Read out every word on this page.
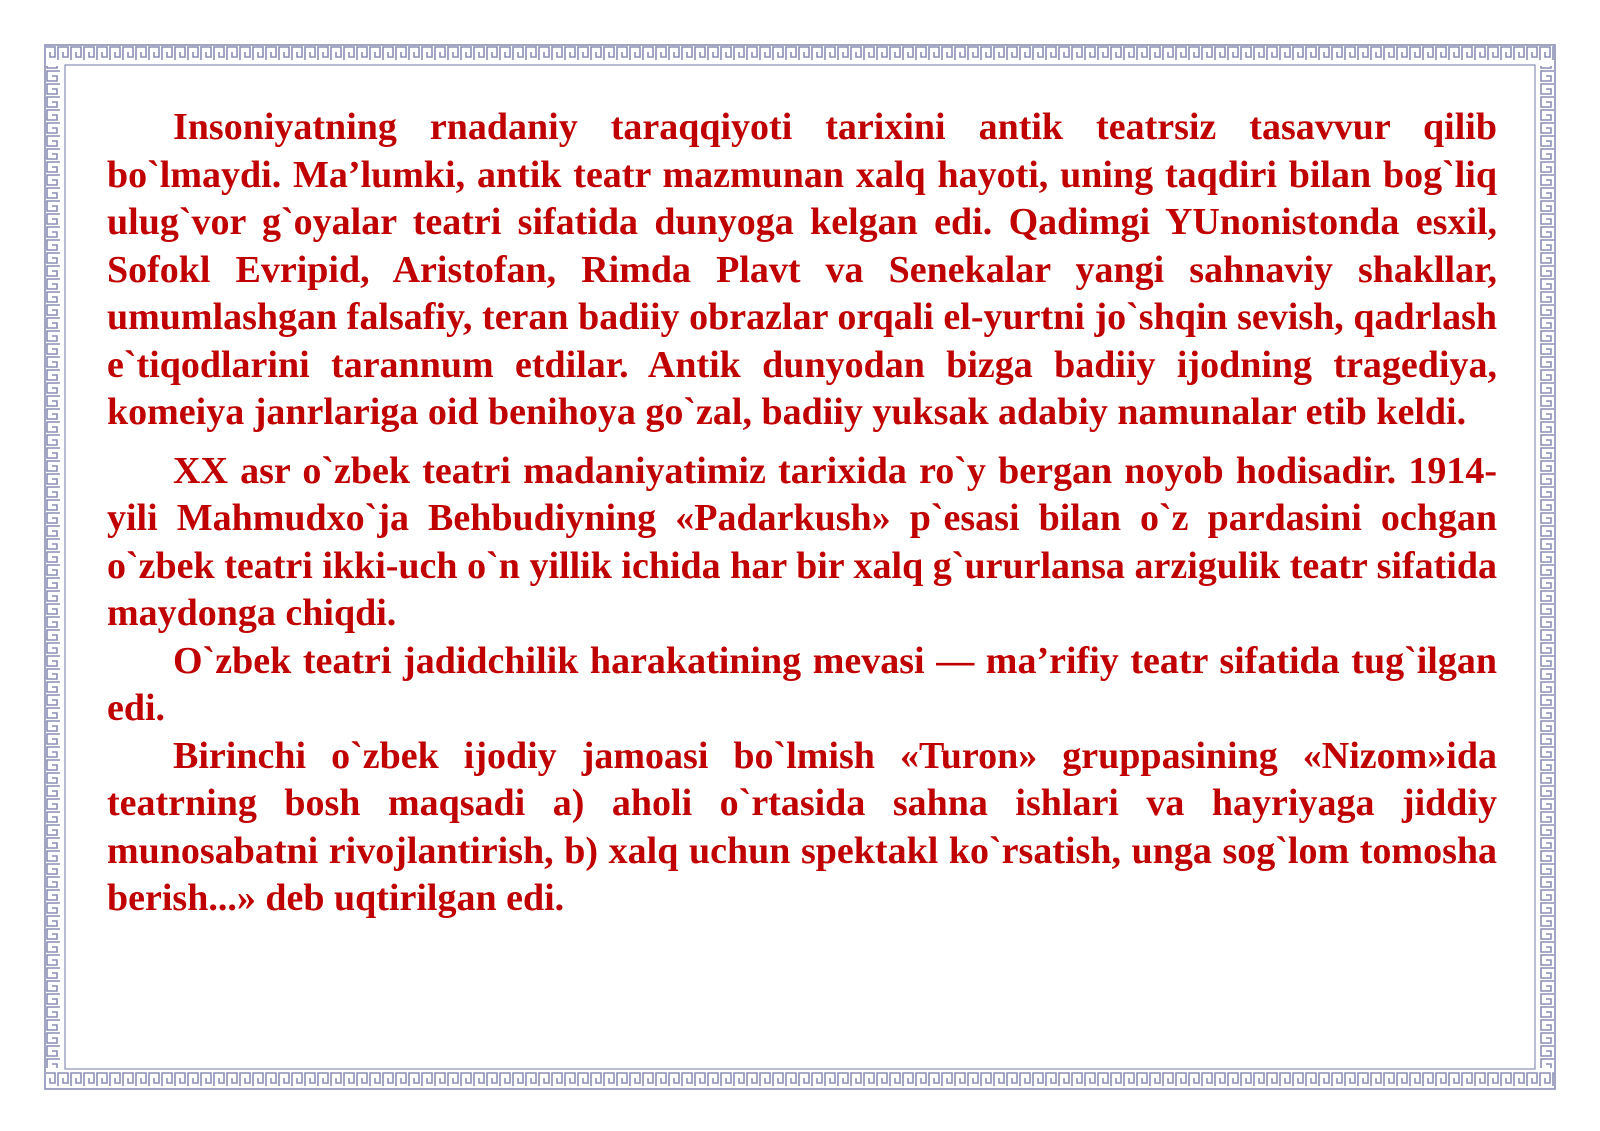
Insoniyatning rnadaniy taraqqiyoti tarixini antik teatrsiz tasavvur qilib bo`lmaydi. Ma’lumki, antik teatr mazmunan xalq hayoti, uning taqdiri bilan bog`liq ulug`vor g`oyalar teatri sifatida dunyoga kelgan edi. Qadimgi YUnonistonda esxil, Sofokl Evripid, Aristofan, Rimda Plavt va Senekalar yangi sahnaviy shakllar, umumlashgan falsafiy, teran badiiy obrazlar orqali el-yurtni jo`shqin sevish, qadrlash e`tiqodlarini tarannum etdilar. Antik dunyodan bizga badiiy ijodning tragediya, komeiya janrlariga oid benihoya go`zal, badiiy yuksak adabiy namunalar etib keldi.

XX asr o`zbek teatri madaniyatimiz tarixida ro`y bergan noyob hodisadir. 1914-yili Mahmudxo`ja Behbudiyning «Padarkush» p`esasi bilan o`z pardasini ochgan o`zbek teatri ikki-uch o`n yillik ichida har bir xalq g`ururlansa arzigulik teatr sifatida maydonga chiqdi.

O`zbek teatri jadidchilik harakatining mevasi — ma’rifiy teatr sifatida tug`ilgan edi.

Birinchi o`zbek ijodiy jamoasi bo`lmish «Turon» gruppasining «Nizom»ida teatrning bosh maqsadi a) aholi o`rtasida sahna ishlari va hayriyaga jiddiy munosabatni rivojlantirish, b) xalq uchun spektakl ko`rsatish, unga sog`lom tomosha berish...» deb uqtirilgan edi.
